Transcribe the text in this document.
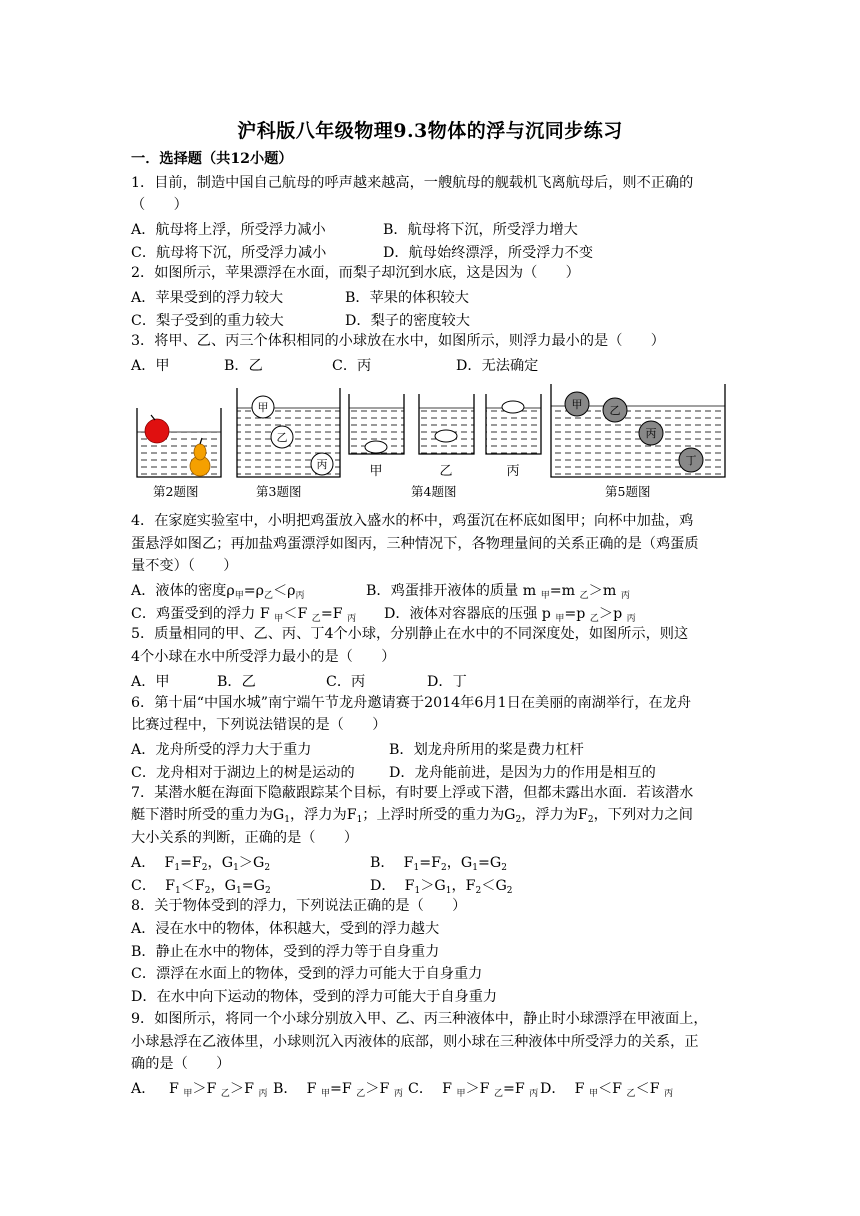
沪科版八年级物理9.3物体的浮与沉同步练习
一．选择题（共12小题）
1．目前，制造中国自己航母的呼声越来越高，一艘航母的舰载机飞离航母后，则不正确的
（　　）
A．航母将上浮，所受浮力减小	B．航母将下沉，所受浮力增大
C．航母将下沉，所受浮力减小	D．航母始终漂浮，所受浮力不变
2．如图所示，苹果漂浮在水面，而梨子却沉到水底，这是因为（　　）
A．苹果受到的浮力较大	B．苹果的体积较大
C．梨子受到的重力较大	D．梨子的密度较大
3．将甲、乙、丙三个体积相同的小球放在水中，如图所示，则浮力最小的是（　　）
A．甲	B．乙	C．丙	D．无法确定
第2题图
甲
乙
丙
第3题图
甲	乙	丙
第4题图
甲 乙
丙
丁
第5题图
4．在家庭实验室中，小明把鸡蛋放入盛水的杯中，鸡蛋沉在杯底如图甲；向杯中加盐，鸡
蛋悬浮如图乙；再加盐鸡蛋漂浮如图丙，三种情况下，各物理量间的关系正确的是（鸡蛋质
量不变）（　　）
A．液体的密度$\rho_甲=\rho_乙<\rho_丙$	B．鸡蛋排开液体的质量 m $_甲$=m $_乙$＞m $_丙$
C．鸡蛋受到的浮力 F $_甲$＜F $_乙$=F $_丙$ D．液体对容器底的压强 p $_甲$=p $_乙$＞p $_丙$
5．质量相同的甲、乙、丙、丁4个小球，分别静止在水中的不同深度处，如图所示，则这
4个小球在水中所受浮力最小的是（　　）
A．甲	B．乙	C．丙	D．丁
6．第十届“中国水城”南宁端午节龙舟邀请赛于2014年6月1日在美丽的南湖举行，在龙舟
比赛过程中，下列说法错误的是（　　）
A．龙舟所受的浮力大于重力	B．划龙舟所用的桨是费力杠杆
C．龙舟相对于湖边上的树是运动的 D．龙舟能前进，是因为力的作用是相互的
7．某潜水艇在海面下隐蔽跟踪某个目标，有时要上浮或下潜，但都未露出水面．若该潜水
艇下潜时所受的重力为$G_1$，浮力为$F_1$；上浮时所受的重力为$G_2$，浮力为$F_2$，下列对力之间
大小关系的判断，正确的是（　　）
A． $F_1=F_2$，$G_1>G_2$	B． $F_1=F_2$，$G_1=G_2$
C． $F_1<F_2$，$G_1=G_2$	D． $F_1>G_1$，$F_2<G_2$
8．关于物体受到的浮力，下列说法正确的是（　　）
A．浸在水中的物体，体积越大，受到的浮力越大
B．静止在水中的物体，受到的浮力等于自身重力
C．漂浮在水面上的物体，受到的浮力可能大于自身重力
D．在水中向下运动的物体，受到的浮力可能大于自身重力
9．如图所示，将同一个小球分别放入甲、乙、丙三种液体中，静止时小球漂浮在甲液面上，
小球悬浮在乙液体里，小球则沉入丙液体的底部，则小球在三种液体中所受浮力的关系，正
确的是（　　）
A． F $_甲$＞F $_乙$＞F $_丙$ B． F $_甲$=F $_乙$＞F $_丙$ C． F $_甲$＞F $_乙$=F $_丙$ D． F $_甲$＜F $_乙$＜F $_丙$
